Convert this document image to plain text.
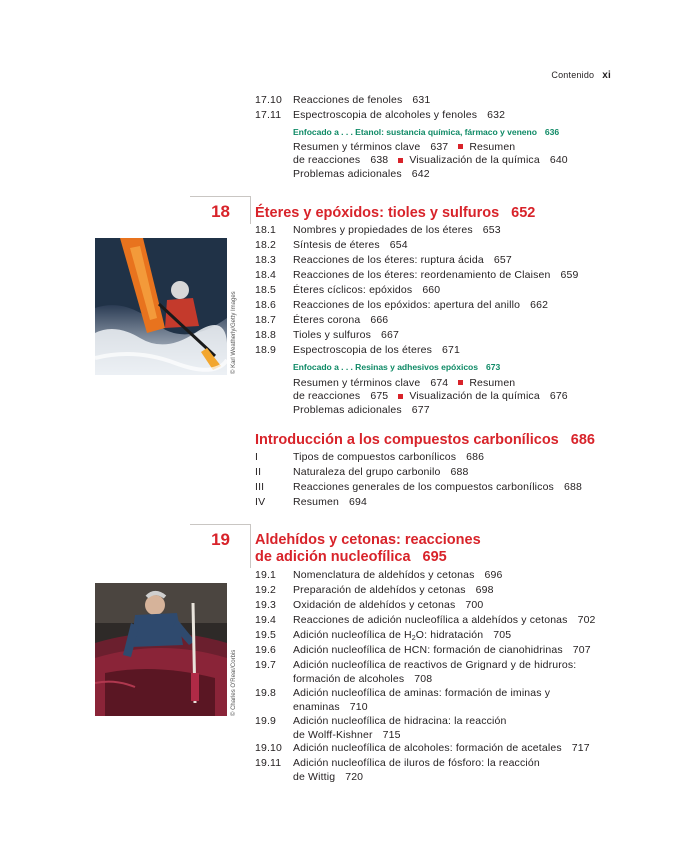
Contenido xi
17.10 Reacciones de fenoles 631
17.11 Espectroscopia de alcoholes y fenoles 632
Enfocado a . . . Etanol: sustancia química, fármaco y veneno 636
Resumen y términos clave 637 Resumen
de reacciones 638 Visualización de la química 640
Problemas adicionales 642
18 Éteres y epóxidos: tioles y sulfuros 652
© Karl Weatherly/Getty Images
18.1 Nombres y propiedades de los éteres 653
18.2 Síntesis de éteres 654
18.3 Reacciones de los éteres: ruptura ácida 657
18.4 Reacciones de los éteres: reordenamiento de Claisen 659
18.5 Éteres cíclicos: epóxidos 660
18.6 Reacciones de los epóxidos: apertura del anillo 662
18.7 Éteres corona 666
18.8 Tioles y sulfuros 667
18.9 Espectroscopia de los éteres 671
Enfocado a . . . Resinas y adhesivos epóxicos 673
Resumen y términos clave 674 Resumen
de reacciones 675 Visualización de la química 676
Problemas adicionales 677
Introducción a los compuestos carbonílicos 686
I	Tipos de compuestos carbonílicos 686
II	Naturaleza del grupo carbonilo 688
III	Reacciones generales de los compuestos carbonílicos 688
IV	Resumen 694
19 Aldehídos y cetonas: reacciones
de adición nucleofílica 695
© Charles O'Rear/Corbis
19.1 Nomenclatura de aldehídos y cetonas 696
19.2 Preparación de aldehídos y cetonas 698
19.3 Oxidación de aldehídos y cetonas 700
19.4 Reacciones de adición nucleofílica a aldehídos y cetonas 702
19.5 Adición nucleofílica de $H_2O$: hidratación 705
19.6 Adición nucleofílica de HCN: formación de cianohidrinas 707
19.7 Adición nucleofílica de reactivos de Grignard y de hidruros:
formación de alcoholes 708
19.8 Adición nucleofílica de aminas: formación de iminas y
enaminas 710
19.9 Adición nucleofílica de hidracina: la reacción
de Wolff-Kishner 715
19.10 Adición nucleofílica de alcoholes: formación de acetales 717
19.11 Adición nucleofílica de iluros de fósforo: la reacción
de Wittig 720
